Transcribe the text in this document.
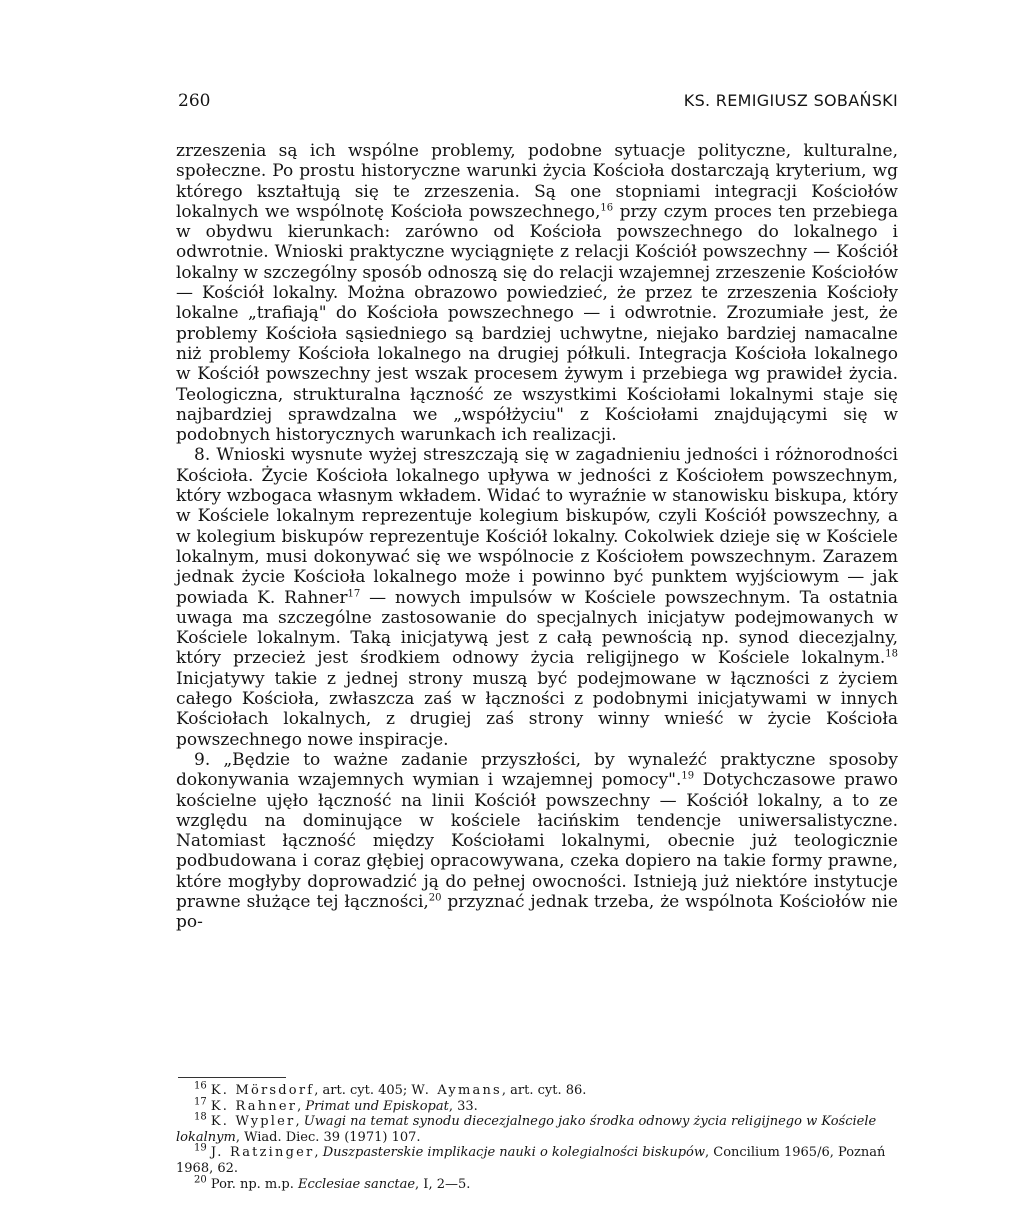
260	KS. REMIGIUSZ SOBAŃSKI

zrzeszenia są ich wspólne problemy, podobne sytuacje polityczne, kulturalne, społeczne. Po prostu historyczne warunki życia Kościoła dostarczają kryterium, wg którego kształtują się te zrzeszenia. Są one stopniami integracji Kościołów lokalnych we wspólnotę Kościoła powszechnego,$^{16}$ przy czym proces ten przebiega w obydwu kierunkach: zarówno od Kościoła powszechnego do lokalnego i odwrotnie. Wnioski praktyczne wyciągnięte z relacji Kościół powszechny — Kościół lokalny w szczególny sposób odnoszą się do relacji wzajemnej zrzeszenie Kościołów — Kościół lokalny. Można obrazowo powiedzieć, że przez te zrzeszenia Kościoły lokalne „trafiają" do Kościoła powszechnego — i odwrotnie. Zrozumiałe jest, że problemy Kościoła sąsiedniego są bardziej uchwytne, niejako bardziej namacalne niż problemy Kościoła lokalnego na drugiej półkuli. Integracja Kościoła lokalnego w Kościół powszechny jest wszak procesem żywym i przebiega wg prawideł życia. Teologiczna, strukturalna łączność ze wszystkimi Kościołami lokalnymi staje się najbardziej sprawdzalna we „współżyciu" z Kościołami znajdującymi się w podobnych historycznych warunkach ich realizacji.

8. Wnioski wysnute wyżej streszczają się w zagadnieniu jedności i różnorodności Kościoła. Życie Kościoła lokalnego upływa w jedności z Kościołem powszechnym, który wzbogaca własnym wkładem. Widać to wyraźnie w stanowisku biskupa, który w Kościele lokalnym reprezentuje kolegium biskupów, czyli Kościół powszechny, a w kolegium biskupów reprezentuje Kościół lokalny. Cokolwiek dzieje się w Kościele lokalnym, musi dokonywać się we wspólnocie z Kościołem powszechnym. Zarazem jednak życie Kościoła lokalnego może i powinno być punktem wyjściowym — jak powiada K. Rahner$^{17}$ — nowych impulsów w Kościele powszechnym. Ta ostatnia uwaga ma szczególne zastosowanie do specjalnych inicjatyw podejmowanych w Kościele lokalnym. Taką inicjatywą jest z całą pewnością np. synod diecezjalny, który przecież jest środkiem odnowy życia religijnego w Kościele lokalnym.$^{18}$ Inicjatywy takie z jednej strony muszą być podejmowane w łączności z życiem całego Kościoła, zwłaszcza zaś w łączności z podobnymi inicjatywami w innych Kościołach lokalnych, z drugiej zaś strony winny wnieść w życie Kościoła powszechnego nowe inspiracje.

9. „Będzie to ważne zadanie przyszłości, by wynaleźć praktyczne sposoby dokonywania wzajemnych wymian i wzajemnej pomocy".$^{19}$ Dotychczasowe prawo kościelne ujęło łączność na linii Kościół powszechny — Kościół lokalny, a to ze względu na dominujące w kościele łacińskim tendencje uniwersalistyczne. Natomiast łączność między Kościołami lokalnymi, obecnie już teologicznie podbudowana i coraz głębiej opracowywana, czeka dopiero na takie formy prawne, które mogłyby doprowadzić ją do pełnej owocności. Istnieją już niektóre instytucje prawne służące tej łączności,$^{20}$ przyznać jednak trzeba, że wspólnota Kościołów nie po-

$^{16}$ K. Mörsdorf, art. cyt. 405; W. Aymans, art. cyt. 86.

$^{17}$ K. Rahner, Primat und Episkopat, 33.

$^{18}$ K. Wypler, Uwagi na temat synodu diecezjalnego jako środka odnowy życia religijnego w Kościele lokalnym, Wiad. Diec. 39 (1971) 107.

$^{19}$ J. Ratzinger, Duszpasterskie implikacje nauki o kolegialności biskupów, Concilium 1965/6, Poznań 1968, 62.

$^{20}$ Por. np. m.p. Ecclesiae sanctae, I, 2—5.
